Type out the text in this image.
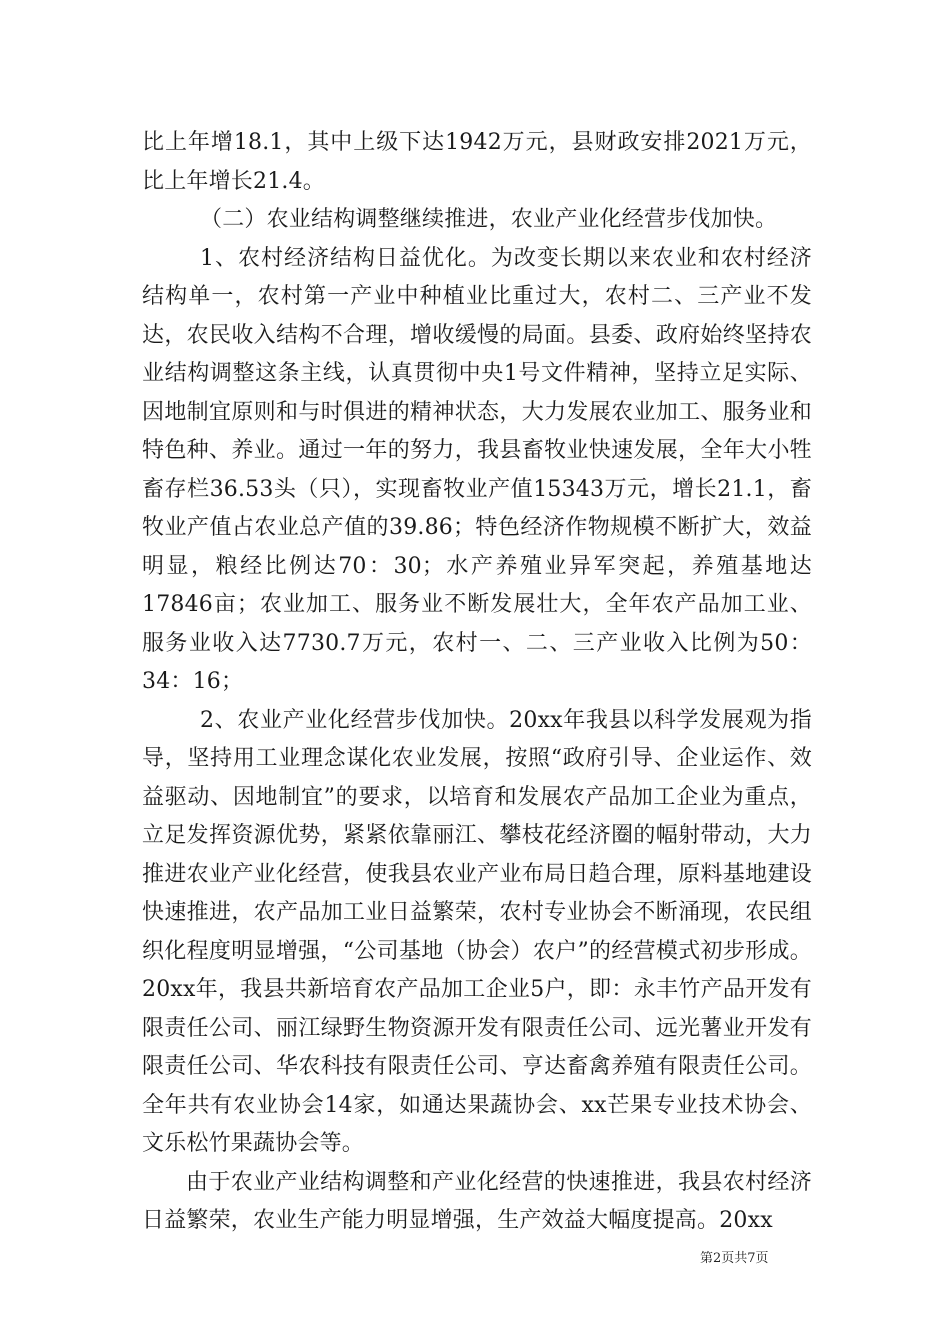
比上年增18.1，其中上级下达1942万元，县财政安排2021万元，比上年增长21.4。

（二）农业结构调整继续推进，农业产业化经营步伐加快。

1、农村经济结构日益优化。为改变长期以来农业和农村经济结构单一，农村第一产业中种植业比重过大，农村二、三产业不发达，农民收入结构不合理，增收缓慢的局面。县委、政府始终坚持农业结构调整这条主线，认真贯彻中央1号文件精神，坚持立足实际、因地制宜原则和与时俱进的精神状态，大力发展农业加工、服务业和特色种、养业。通过一年的努力，我县畜牧业快速发展，全年大小牲畜存栏36.53头（只），实现畜牧业产值15343万元，增长21.1，畜牧业产值占农业总产值的39.86；特色经济作物规模不断扩大，效益明显，粮经比例达70：30；水产养殖业异军突起，养殖基地达17846亩；农业加工、服务业不断发展壮大，全年农产品加工业、服务业收入达7730.7万元，农村一、二、三产业收入比例为50：34：16；

2、农业产业化经营步伐加快。20xx年我县以科学发展观为指导，坚持用工业理念谋化农业发展，按照“政府引导、企业运作、效益驱动、因地制宜”的要求，以培育和发展农产品加工企业为重点，立足发挥资源优势，紧紧依靠丽江、攀枝花经济圈的幅射带动，大力推进农业产业化经营，使我县农业产业布局日趋合理，原料基地建设快速推进，农产品加工业日益繁荣，农村专业协会不断涌现，农民组织化程度明显增强，“公司基地（协会）农户”的经营模式初步形成。20xx年，我县共新培育农产品加工企业5户，即：永丰竹产品开发有限责任公司、丽江绿野生物资源开发有限责任公司、远光薯业开发有限责任公司、华农科技有限责任公司、亨达畜禽养殖有限责任公司。全年共有农业协会14家，如通达果蔬协会、xx芒果专业技术协会、文乐松竹果蔬协会等。

由于农业产业结构调整和产业化经营的快速推进，我县农村经济日益繁荣，农业生产能力明显增强，生产效益大幅度提高。20xx

第2页共7页
